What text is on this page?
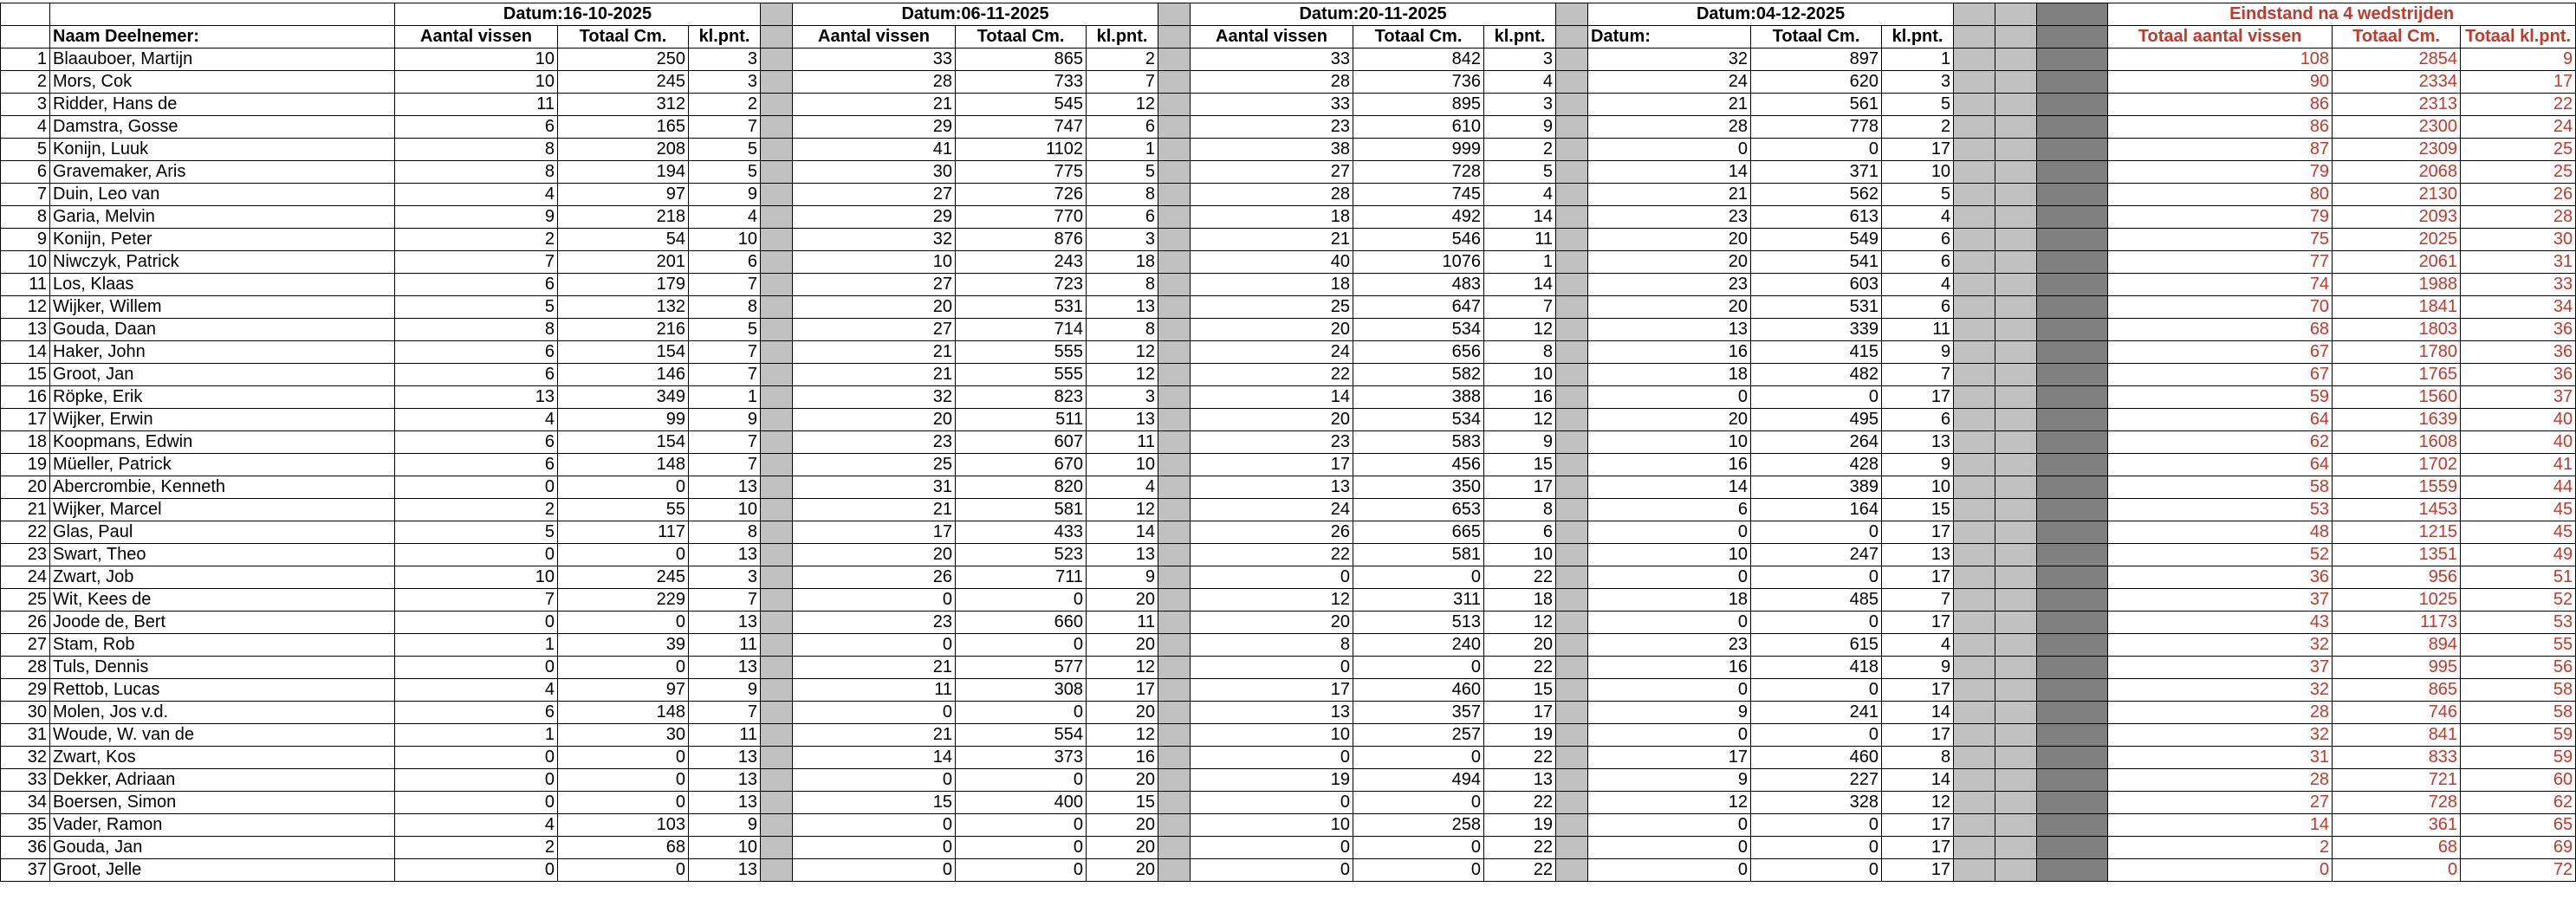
		Datum:16-10-2025				Datum:06-11-2025				Datum:20-11-2025				Datum:04-12-2025						Eindstand na 4 wedstrijden		
	Naam Deelnemer:	Aantal vissen	Totaal Cm.	kl.pnt.		Aantal vissen	Totaal Cm.	kl.pnt.		Aantal vissen	Totaal Cm.	kl.pnt.		Datum:	Totaal Cm.	kl.pnt.				Totaal aantal vissen	Totaal Cm.	Totaal kl.pnt.
1	Blaauboer, Martijn	10	250	3		33	865	2		33	842	3		32	897	1				108	2854	9
2	Mors, Cok	10	245	3		28	733	7		28	736	4		24	620	3				90	2334	17
3	Ridder, Hans de	11	312	2		21	545	12		33	895	3		21	561	5				86	2313	22
4	Damstra, Gosse	6	165	7		29	747	6		23	610	9		28	778	2				86	2300	24
5	Konijn, Luuk	8	208	5		41	1102	1		38	999	2		0	0	17				87	2309	25
6	Gravemaker, Aris	8	194	5		30	775	5		27	728	5		14	371	10				79	2068	25
7	Duin, Leo van	4	97	9		27	726	8		28	745	4		21	562	5				80	2130	26
8	Garia, Melvin	9	218	4		29	770	6		18	492	14		23	613	4				79	2093	28
9	Konijn, Peter	2	54	10		32	876	3		21	546	11		20	549	6				75	2025	30
10	Niwczyk, Patrick	7	201	6		10	243	18		40	1076	1		20	541	6				77	2061	31
11	Los, Klaas	6	179	7		27	723	8		18	483	14		23	603	4				74	1988	33
12	Wijker, Willem	5	132	8		20	531	13		25	647	7		20	531	6				70	1841	34
13	Gouda, Daan	8	216	5		27	714	8		20	534	12		13	339	11				68	1803	36
14	Haker, John	6	154	7		21	555	12		24	656	8		16	415	9				67	1780	36
15	Groot, Jan	6	146	7		21	555	12		22	582	10		18	482	7				67	1765	36
16	Röpke, Erik	13	349	1		32	823	3		14	388	16		0	0	17				59	1560	37
17	Wijker, Erwin	4	99	9		20	511	13		20	534	12		20	495	6				64	1639	40
18	Koopmans, Edwin	6	154	7		23	607	11		23	583	9		10	264	13				62	1608	40
19	Müeller, Patrick	6	148	7		25	670	10		17	456	15		16	428	9				64	1702	41
20	Abercrombie, Kenneth	0	0	13		31	820	4		13	350	17		14	389	10				58	1559	44
21	Wijker, Marcel	2	55	10		21	581	12		24	653	8		6	164	15				53	1453	45
22	Glas, Paul	5	117	8		17	433	14		26	665	6		0	0	17				48	1215	45
23	Swart, Theo	0	0	13		20	523	13		22	581	10		10	247	13				52	1351	49
24	Zwart, Job	10	245	3		26	711	9		0	0	22		0	0	17				36	956	51
25	Wit, Kees de	7	229	7		0	0	20		12	311	18		18	485	7				37	1025	52
26	Joode de, Bert	0	0	13		23	660	11		20	513	12		0	0	17				43	1173	53
27	Stam, Rob	1	39	11		0	0	20		8	240	20		23	615	4				32	894	55
28	Tuls, Dennis	0	0	13		21	577	12		0	0	22		16	418	9				37	995	56
29	Rettob, Lucas	4	97	9		11	308	17		17	460	15		0	0	17				32	865	58
30	Molen, Jos v.d.	6	148	7		0	0	20		13	357	17		9	241	14				28	746	58
31	Woude, W. van de	1	30	11		21	554	12		10	257	19		0	0	17				32	841	59
32	Zwart, Kos	0	0	13		14	373	16		0	0	22		17	460	8				31	833	59
33	Dekker, Adriaan	0	0	13		0	0	20		19	494	13		9	227	14				28	721	60
34	Boersen, Simon	0	0	13		15	400	15		0	0	22		12	328	12				27	728	62
35	Vader, Ramon	4	103	9		0	0	20		10	258	19		0	0	17				14	361	65
36	Gouda, Jan	2	68	10		0	0	20		0	0	22		0	0	17				2	68	69
37	Groot, Jelle	0	0	13		0	0	20		0	0	22		0	0	17				0	0	72
